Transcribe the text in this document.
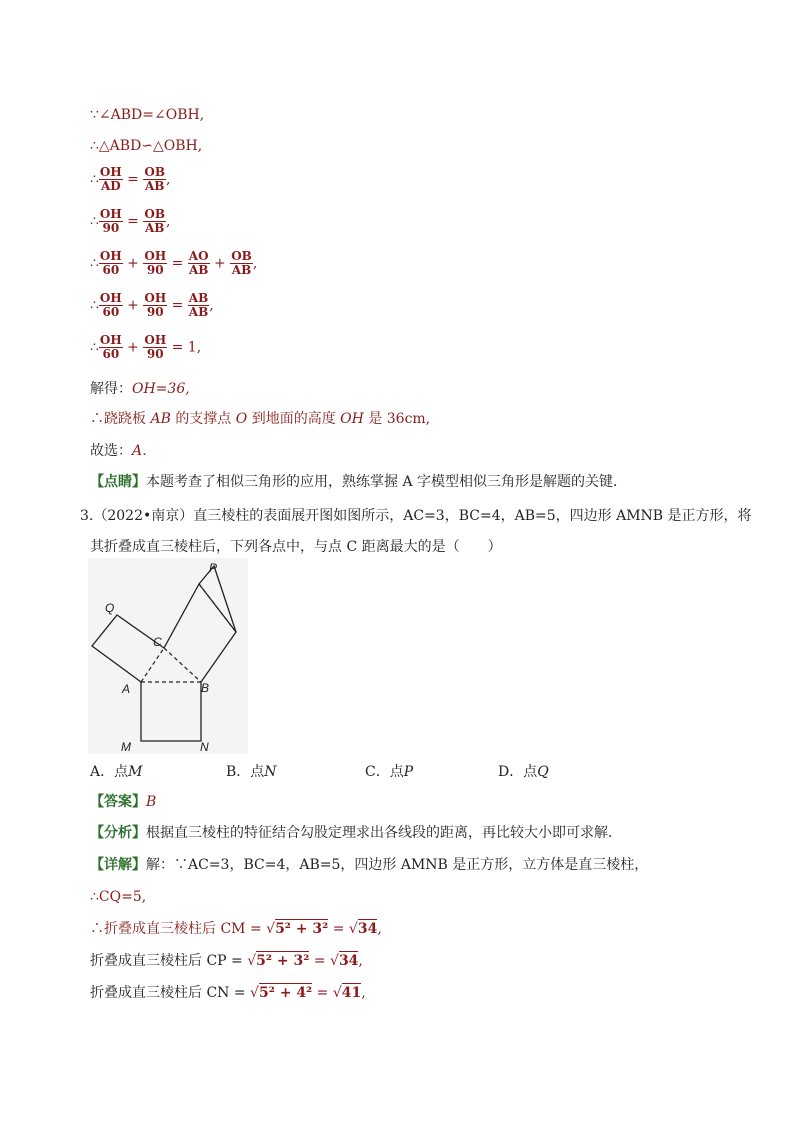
∵∠ABD=∠OBH,
∴△ABD∽△OBH,
∴ $\frac{OH}{AD} = \frac{OB}{AB}$ ,
∴ $\frac{OH}{90} = \frac{OB}{AB}$ ,
∴ $\frac{OH}{60} + \frac{OH}{90} = \frac{AO}{AB} + \frac{OB}{AB}$ ,
∴ $\frac{OH}{60} + \frac{OH}{90} = \frac{AB}{AB}$ ,
∴ $\frac{OH}{60} + \frac{OH}{90} = 1$,
解得：OH=36,
∴跷跷板 AB 的支撑点 O 到地面的高度 OH 是 36cm,
故选：A．
【点睛】本题考查了相似三角形的应用，熟练掌握 A 字模型相似三角形是解题的关键．
3.（2022•南京）直三棱柱的表面展开图如图所示，AC=3，BC=4，AB=5，四边形 AMNB 是正方形，将
其折叠成直三棱柱后，下列各点中，与点 C 距离最大的是（　　）
P
Q
C
A	B
M	N
A．点M	B．点N	C．点P	D．点Q
【答案】B
【分析】根据直三棱柱的特征结合勾股定理求出各线段的距离，再比较大小即可求解．
【详解】解：∵AC=3，BC=4，AB=5，四边形 AMNB 是正方形，立方体是直三棱柱，
∴CQ=5,
∴折叠成直三棱柱后 CM = √5² + 3² = √34,
折叠成直三棱柱后 CP = √5² + 3² = √34,
折叠成直三棱柱后 CN = √5² + 4² = √41,
